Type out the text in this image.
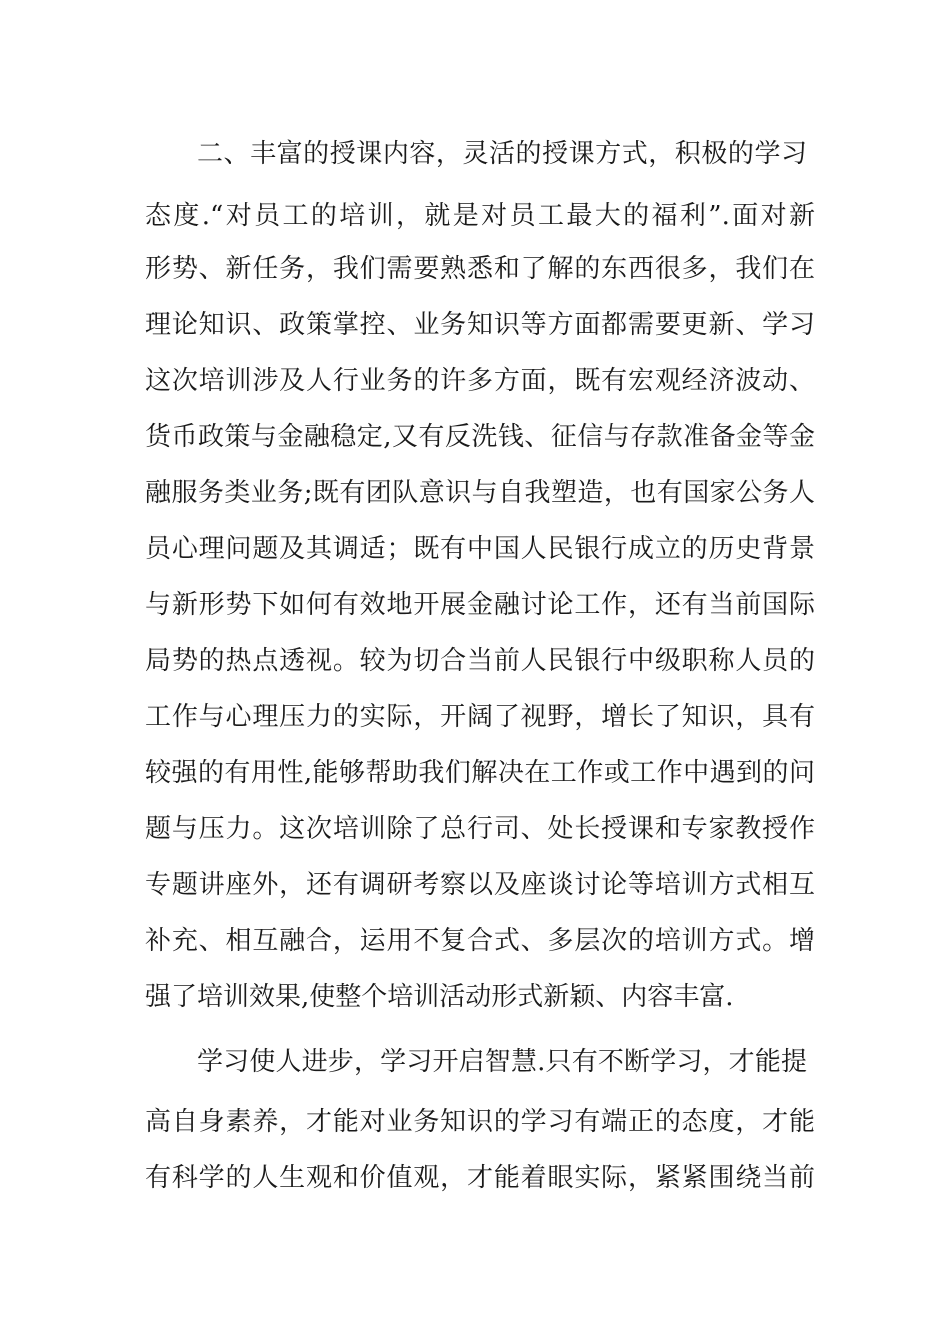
二、丰富的授课内容，灵活的授课方式，积极的学习
态度.“对员工的培训，就是对员工最大的福利”.面对新
形势、新任务，我们需要熟悉和了解的东西很多，我们在
理论知识、政策掌控、业务知识等方面都需要更新、学习
这次培训涉及人行业务的许多方面，既有宏观经济波动、
货币政策与金融稳定,又有反洗钱、征信与存款准备金等金
融服务类业务;既有团队意识与自我塑造，也有国家公务人
员心理问题及其调适；既有中国人民银行成立的历史背景
与新形势下如何有效地开展金融讨论工作，还有当前国际
局势的热点透视。较为切合当前人民银行中级职称人员的
工作与心理压力的实际，开阔了视野，增长了知识，具有
较强的有用性,能够帮助我们解决在工作或工作中遇到的问
题与压力。这次培训除了总行司、处长授课和专家教授作
专题讲座外，还有调研考察以及座谈讨论等培训方式相互
补充、相互融合，运用不复合式、多层次的培训方式。增
强了培训效果,使整个培训活动形式新颖、内容丰富.
学习使人进步，学习开启智慧.只有不断学习，才能提
高自身素养，才能对业务知识的学习有端正的态度，才能
有科学的人生观和价值观，才能着眼实际，紧紧围绕当前
